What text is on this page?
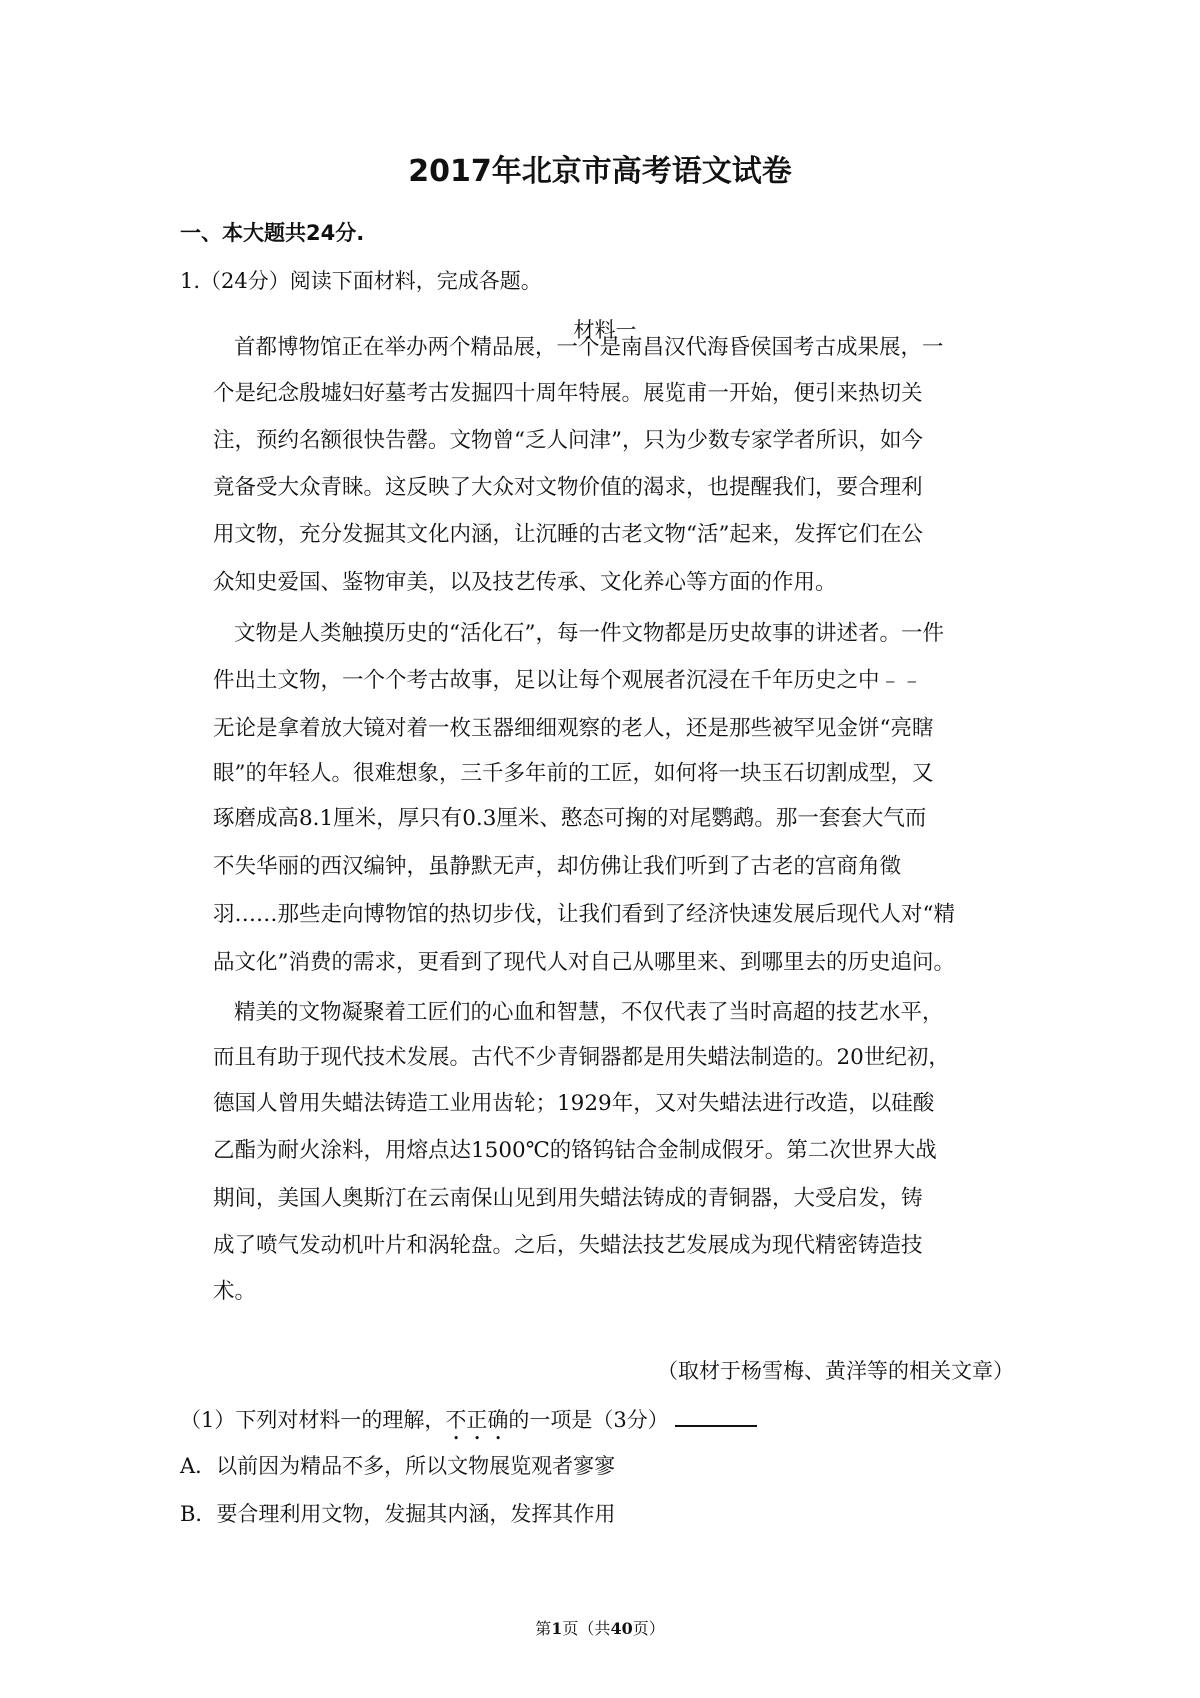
2017年北京市高考语文试卷
一、本大题共24分.
1.（24分）阅读下面材料，完成各题。
材料一
首都博物馆正在举办两个精品展，一个是南昌汉代海昏侯国考古成果展，一
个是纪念殷墟妇好墓考古发掘四十周年特展。展览甫一开始，便引来热切关
注，预约名额很快告罄。文物曾“乏人问津”，只为少数专家学者所识，如今
竟备受大众青睐。这反映了大众对文物价值的渴求，也提醒我们，要合理利
用文物，充分发掘其文化内涵，让沉睡的古老文物“活”起来，发挥它们在公
众知史爱国、鉴物审美，以及技艺传承、文化养心等方面的作用。
文物是人类触摸历史的“活化石”，每一件文物都是历史故事的讲述者。一件
件出土文物，一个个考古故事，足以让每个观展者沉浸在千年历史之中﹣﹣
无论是拿着放大镜对着一枚玉器细细观察的老人，还是那些被罕见金饼“亮瞎
眼”的年轻人。很难想象，三千多年前的工匠，如何将一块玉石切割成型，又
琢磨成高8.1厘米，厚只有0.3厘米、憨态可掬的对尾鹦鹉。那一套套大气而
不失华丽的西汉编钟，虽静默无声，却仿佛让我们听到了古老的宫商角徵
羽……那些走向博物馆的热切步伐，让我们看到了经济快速发展后现代人对“精
品文化”消费的需求，更看到了现代人对自己从哪里来、到哪里去的历史追问。
精美的文物凝聚着工匠们的心血和智慧，不仅代表了当时高超的技艺水平，
而且有助于现代技术发展。古代不少青铜器都是用失蜡法制造的。20世纪初，
德国人曾用失蜡法铸造工业用齿轮；1929年，又对失蜡法进行改造，以硅酸
乙酯为耐火涂料，用熔点达1500℃的铬钨钴合金制成假牙。第二次世界大战
期间，美国人奥斯汀在云南保山见到用失蜡法铸成的青铜器，大受启发，铸
成了喷气发动机叶片和涡轮盘。之后，失蜡法技艺发展成为现代精密铸造技
术。
（取材于杨雪梅、黄洋等的相关文章）
（1）下列对材料一的理解，不正确的一项是（3分）
A．以前因为精品不多，所以文物展览观者寥寥
B．要合理利用文物，发掘其内涵，发挥其作用
第1页（共40页）
